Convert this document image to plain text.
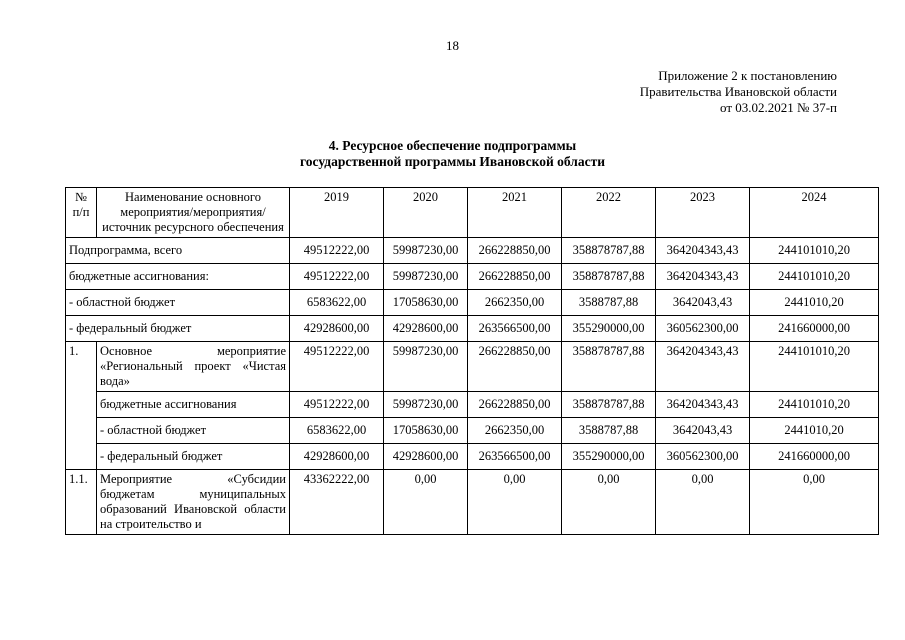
18
Приложение 2 к постановлению
Правительства Ивановской области
от 03.02.2021 № 37-п
4. Ресурсное обеспечение подпрограммы
государственной программы Ивановской области
№ п/п	Наименование основного мероприятия/мероприятия/источник ресурсного обеспечения	2019	2020	2021	2022	2023	2024
Подпрограмма, всего		49512222,00	59987230,00	266228850,00	358878787,88	364204343,43	244101010,20
бюджетные ассигнования:		49512222,00	59987230,00	266228850,00	358878787,88	364204343,43	244101010,20
- областной бюджет		6583622,00	17058630,00	2662350,00	3588787,88	3642043,43	2441010,20
- федеральный бюджет		42928600,00	42928600,00	263566500,00	355290000,00	360562300,00	241660000,00
1.	Основное мероприятие «Региональный проект «Чистая вода»	49512222,00	59987230,00	266228850,00	358878787,88	364204343,43	244101010,20
	бюджетные ассигнования	49512222,00	59987230,00	266228850,00	358878787,88	364204343,43	244101010,20
	- областной бюджет	6583622,00	17058630,00	2662350,00	3588787,88	3642043,43	2441010,20
	- федеральный бюджет	42928600,00	42928600,00	263566500,00	355290000,00	360562300,00	241660000,00
1.1.	Мероприятие «Субсидии бюджетам муниципальных образований Ивановской области на строительство и	43362222,00	0,00	0,00	0,00	0,00	0,00
